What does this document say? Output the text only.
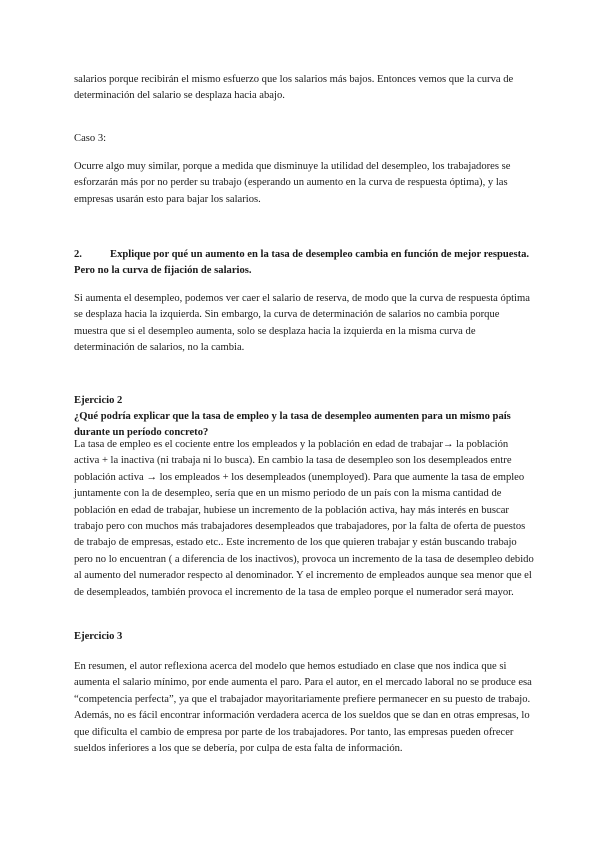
salarios porque recibirán el mismo esfuerzo que los salarios más bajos. Entonces vemos que la curva de determinación del salario se desplaza hacia abajo.

Caso 3:

Ocurre algo muy similar, porque a medida que disminuye la utilidad del desempleo, los trabajadores se esforzarán más por no perder su trabajo (esperando un aumento en la curva de respuesta óptima), y las empresas usarán esto para bajar los salarios.

2.	Explique por qué un aumento en la tasa de desempleo cambia en función de mejor respuesta. Pero no la curva de fijación de salarios.

Si aumenta el desempleo, podemos ver caer el salario de reserva, de modo que la curva de respuesta óptima se desplaza hacia la izquierda. Sin embargo, la curva de determinación de salarios no cambia porque muestra que si el desempleo aumenta, solo se desplaza hacia la izquierda en la misma curva de determinación de salarios, no la cambia.

Ejercicio 2

¿Qué podría explicar que la tasa de empleo y la tasa de desempleo aumenten para un mismo país durante un período concreto?

La tasa de empleo es el cociente entre los empleados y la población en edad de trabajar→ la población activa + la inactiva (ni trabaja ni lo busca). En cambio la tasa de desempleo son los desempleados entre población activa → los empleados + los desempleados (unemployed). Para que aumente la tasa de empleo juntamente con la de desempleo, sería que en un mismo periodo de un país con la misma cantidad de población en edad de trabajar, hubiese un incremento de la población activa, hay más interés en buscar trabajo pero con muchos más trabajadores desempleados que trabajadores, por la falta de oferta de puestos de trabajo de empresas, estado etc.. Este incremento de los que quieren trabajar y están buscando trabajo pero no lo encuentran ( a diferencia de los inactivos), provoca un incremento de la tasa de desempleo debido al aumento del numerador respecto al denominador. Y el incremento de empleados aunque sea menor que el de desempleados, también provoca el incremento de la tasa de empleo porque el numerador será mayor.

Ejercicio 3

En resumen, el autor reflexiona acerca del modelo que hemos estudiado en clase que nos indica que si aumenta el salario mínimo, por ende aumenta el paro. Para el autor, en el mercado laboral no se produce esa “competencia perfecta”, ya que el trabajador mayoritariamente prefiere permanecer en su puesto de trabajo. Además, no es fácil encontrar información verdadera acerca de los sueldos que se dan en otras empresas, lo que dificulta el cambio de empresa por parte de los trabajadores. Por tanto, las empresas pueden ofrecer sueldos inferiores a los que se debería, por culpa de esta falta de información.
